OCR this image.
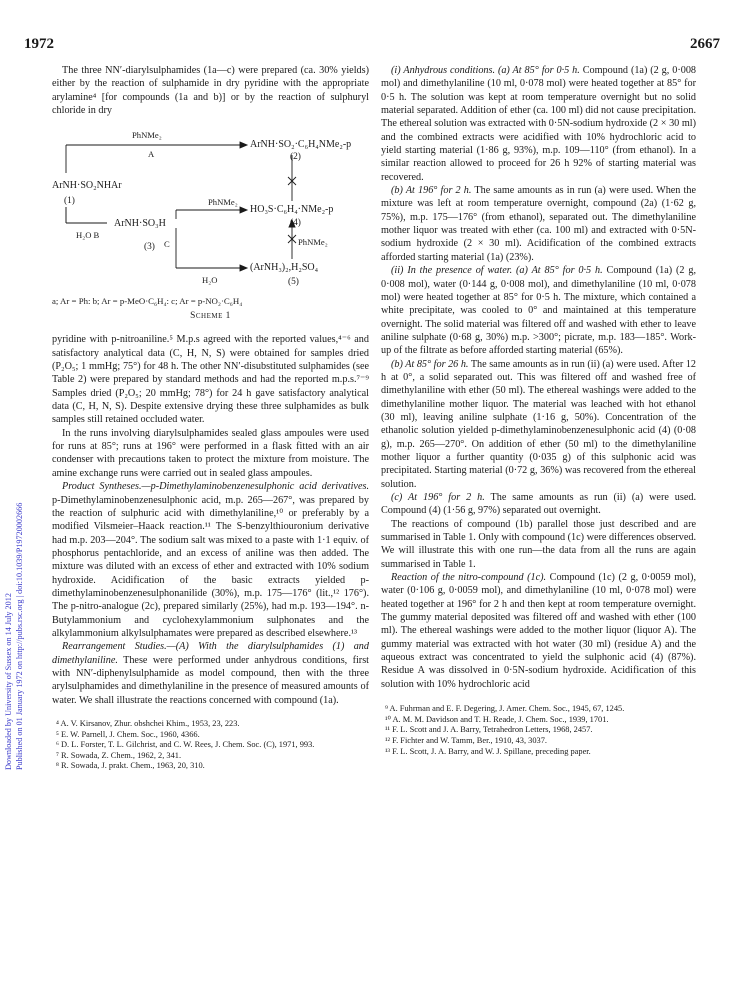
1972	2667
Downloaded by University of Sussex on 14 July 2012 Published on 01 January 1972 on http://pubs.rsc.org | doi:10.1039/P19720002666

The three NN′-diarylsulphamides (1a—c) were prepared (ca. 30% yields) either by the reaction of sulphamide in dry pyridine with the appropriate arylamine⁴ [for compounds (1a and b)] or by the reaction of sulphuryl chloride in dry

PhNMe₂
A
ArNH·SO₂·C₆H₄NMe₂-p
(2)
ArNH·SO₂NHAr
(1)	PhNMe₂
HO₃S·C₆H₄·NMe₂-p
(4)
ArNH·SO₃H
H₂O B
(3) C	PhNMe₂
(ArNH₃)₂,H₂SO₄
H₂O	(5)
a; Ar = Ph: b; Ar = p-MeO·C₆H₄: c; Ar = p-NO₂·C₆H₄
Scheme 1

pyridine with p-nitroaniline.⁵ M.p.s agreed with the reported values,⁴⁻⁶ and satisfactory analytical data (C, H, N, S) were obtained for samples dried (P₂O₅; 1 mmHg; 75°) for 48 h. The other NN′-disubstituted sulphamides (see Table 2) were prepared by standard methods and had the reported m.p.s.⁷⁻⁹ Samples dried (P₂O₅; 20 mmHg; 78°) for 24 h gave satisfactory analytical data (C, H, N, S). Despite extensive drying these three sulphamides as bulk samples still retained occluded water.

In the runs involving diarylsulphamides sealed glass ampoules were used for runs at 85°; runs at 196° were performed in a flask fitted with an air condenser with precautions taken to protect the mixture from moisture. The amine exchange runs were carried out in sealed glass ampoules.

Product Syntheses.—p-Dimethylaminobenzenesulphonic acid derivatives. p-Dimethylaminobenzenesulphonic acid, m.p. 265—267°, was prepared by the reaction of sulphuric acid with dimethylaniline,¹⁰ or preferably by a modified Vilsmeier–Haack reaction.¹¹ The S-benzylthiouronium derivative had m.p. 203—204°. The sodium salt was mixed to a paste with 1·1 equiv. of phosphorus pentachloride, and an excess of aniline was then added. The mixture was diluted with an excess of ether and extracted with 10% sodium hydroxide. Acidification of the basic extracts yielded p-dimethylaminobenzenesulphonanilide (30%), m.p. 175—176° (lit.,¹² 176°). The p-nitro-analogue (2c), prepared similarly (25%), had m.p. 193—194°. n-Butylammonium and cyclohexylammonium sulphonates and the alkylammonium alkylsulphamates were prepared as described elsewhere.¹³

Rearrangement Studies.—(A) With the diarylsulphamides (1) and dimethylaniline. These were performed under anhydrous conditions, first with NN′-diphenylsulphamide as model compound, then with the three arylsulphamides and dimethylaniline in the presence of measured amounts of water. We shall illustrate the reactions concerned with compound (1a).

⁴ A. V. Kirsanov, Zhur. obshchei Khim., 1953, 23, 223.
⁵ E. W. Parnell, J. Chem. Soc., 1960, 4366.
⁶ D. L. Forster, T. L. Gilchrist, and C. W. Rees, J. Chem. Soc. (C), 1971, 993.
⁷ R. Sowada, Z. Chem., 1962, 2, 341.
⁸ R. Sowada, J. prakt. Chem., 1963, 20, 310.

(i) Anhydrous conditions. (a) At 85° for 0·5 h. Compound (1a) (2 g, 0·008 mol) and dimethylaniline (10 ml, 0·078 mol) were heated together at 85° for 0·5 h. The solution was kept at room temperature overnight but no solid material separated. Addition of ether (ca. 100 ml) did not cause precipitation. The ethereal solution was extracted with 0·5N-sodium hydroxide (2 × 30 ml) and the combined extracts were acidified with 10% hydrochloric acid to yield starting material (1·86 g, 93%), m.p. 109—110° (from ethanol). In a similar reaction allowed to proceed for 26 h 92% of starting material was recovered.

(b) At 196° for 2 h. The same amounts as in run (a) were used. When the mixture was left at room temperature overnight, compound (2a) (1·62 g, 75%), m.p. 175—176° (from ethanol), separated out. The dimethylaniline mother liquor was treated with ether (ca. 100 ml) and extracted with 0·5N-sodium hydroxide (2 × 30 ml). Acidification of the combined extracts afforded starting material (1a) (23%).

(ii) In the presence of water. (a) At 85° for 0·5 h. Compound (1a) (2 g, 0·008 mol), water (0·144 g, 0·008 mol), and dimethylaniline (10 ml, 0·078 mol) were heated together at 85° for 0·5 h. The mixture, which contained a white precipitate, was cooled to 0° and maintained at this temperature overnight. The solid material was filtered off and washed with ether to leave aniline sulphate (0·68 g, 30%) m.p. >300°; picrate, m.p. 183—185°. Work-up of the filtrate as before afforded starting material (65%).

(b) At 85° for 26 h. The same amounts as in run (ii) (a) were used. After 12 h at 0°, a solid separated out. This was filtered off and washed free of dimethylaniline with ether (50 ml). The ethereal washings were added to the dimethylaniline mother liquor. The material was leached with hot ethanol (30 ml), leaving aniline sulphate (1·16 g, 50%). Concentration of the ethanolic solution yielded p-dimethylaminobenzenesulphonic acid (4) (0·08 g), m.p. 265—270°. On addition of ether (50 ml) to the dimethylaniline mother liquor a further quantity (0·035 g) of this sulphonic acid was precipitated. Starting material (0·72 g, 36%) was recovered from the ethereal solution.

(c) At 196° for 2 h. The same amounts as run (ii) (a) were used. Compound (4) (1·56 g, 97%) separated out overnight.

The reactions of compound (1b) parallel those just described and are summarised in Table 1. Only with compound (1c) were differences observed. We will illustrate this with one run—the data from all the runs are again summarised in Table 1.

Reaction of the nitro-compound (1c). Compound (1c) (2 g, 0·0059 mol), water (0·106 g, 0·0059 mol), and dimethylaniline (10 ml, 0·078 mol) were heated together at 196° for 2 h and then kept at room temperature overnight. The gummy material deposited was filtered off and washed with ether (100 ml). The ethereal washings were added to the mother liquor (liquor A). The gummy material was extracted with hot water (30 ml) (residue A) and the aqueous extract was concentrated to yield the sulphonic acid (4) (87%). Residue A was dissolved in 0·5N-sodium hydroxide. Acidification of this solution with 10% hydrochloric acid

⁹ A. Fuhrman and E. F. Degering, J. Amer. Chem. Soc., 1945, 67, 1245.
¹⁰ A. M. M. Davidson and T. H. Reade, J. Chem. Soc., 1939, 1701.
¹¹ F. L. Scott and J. A. Barry, Tetrahedron Letters, 1968, 2457.
¹² F. Fichter and W. Tamm, Ber., 1910, 43, 3037.
¹³ F. L. Scott, J. A. Barry, and W. J. Spillane, preceding paper.
